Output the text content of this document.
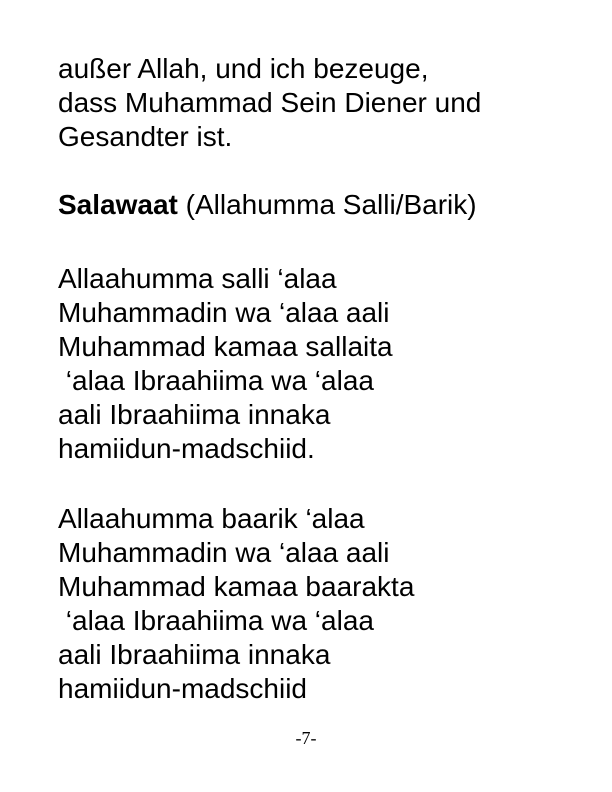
außer Allah, und ich bezeuge,
dass Muhammad Sein Diener und
Gesandter ist.
Salawaat (Allahumma Salli/Barik)
Allaahumma salli ‘alaa
Muhammadin wa ‘alaa aali
Muhammad kamaa sallaita
‘alaa Ibraahiima wa ‘alaa
aali Ibraahiima innaka
hamiidun-madschiid.
Allaahumma baarik ‘alaa
Muhammadin wa ‘alaa aali
Muhammad kamaa baarakta
‘alaa Ibraahiima wa ‘alaa
aali Ibraahiima innaka
hamiidun-madschiid
-7-
